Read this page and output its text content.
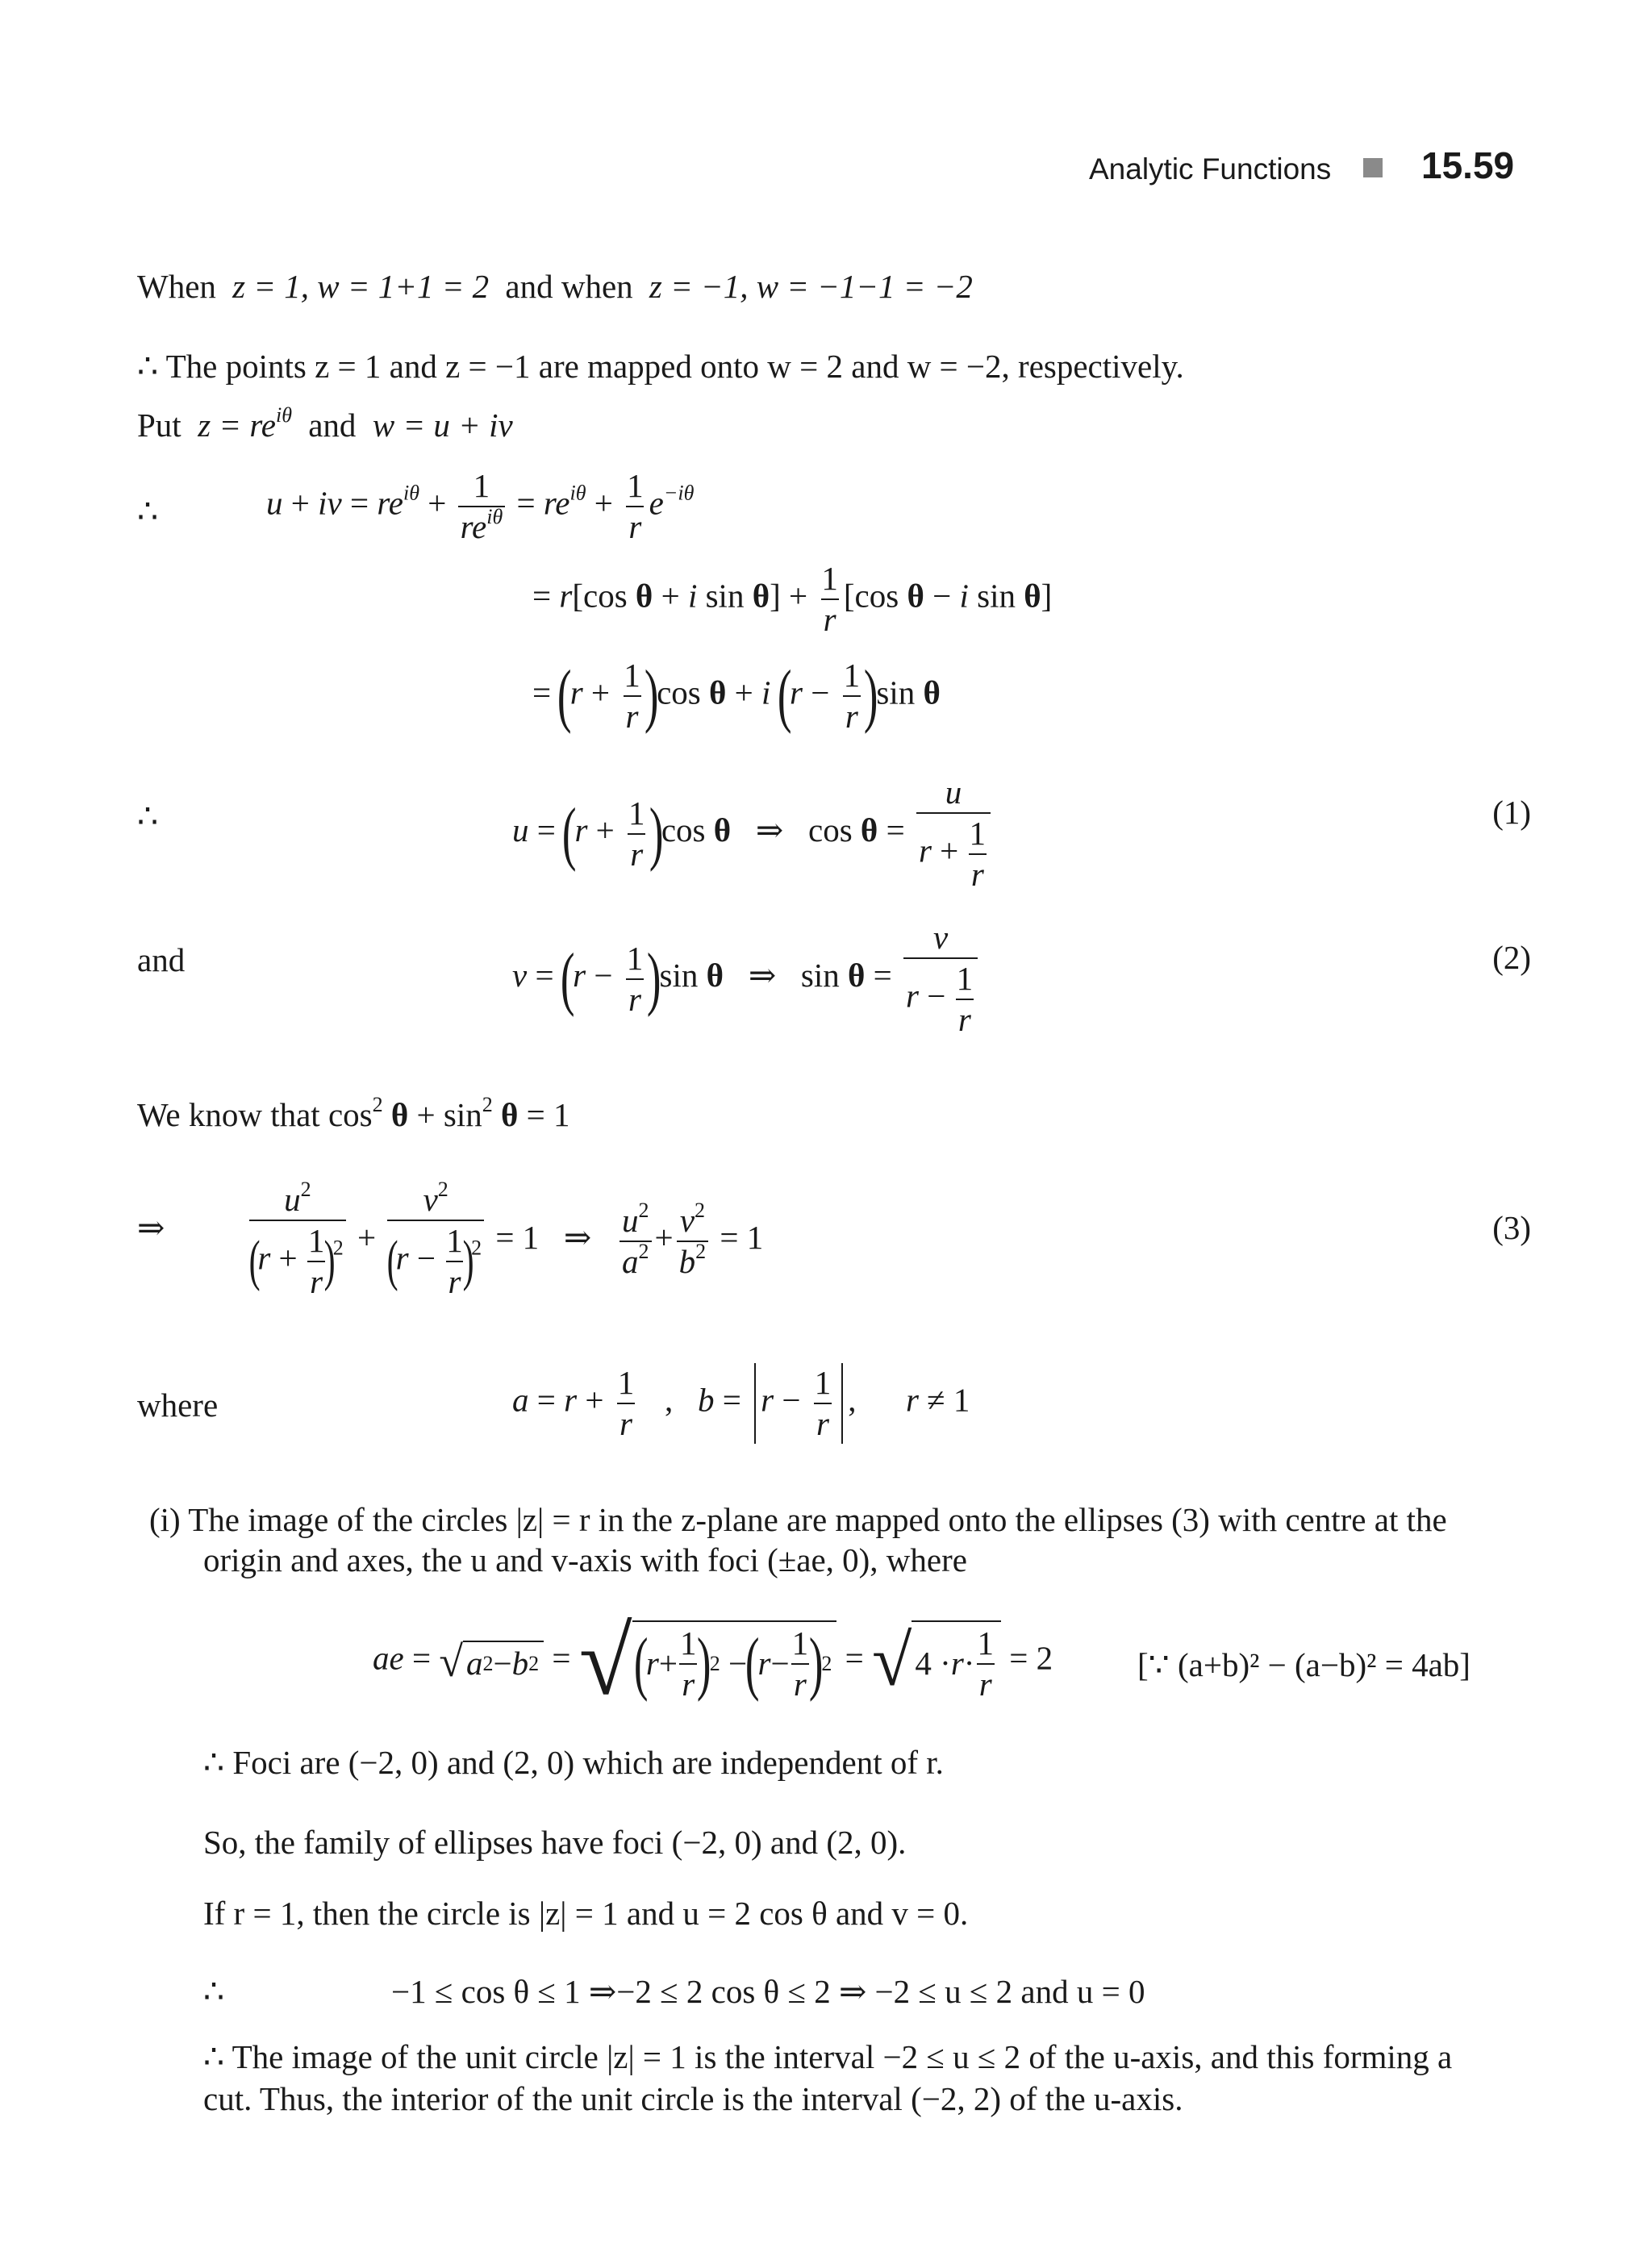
Analytic Functions 15.59
When z = 1, w = 1+1 = 2 and when z = −1, w = −1−1 = −2
∴ The points z = 1 and z = −1 are mapped onto w = 2 and w = −2, respectively.
Put  $z = re^{i\theta}$ and  w = u + iv
∴	u + iv = $re^{i\theta} + \frac{1}{re^{i\theta}} = re^{i\theta} + \frac{1}{r} e^{-i\theta}$
= r[cos θ + i $\sin \theta] + \frac{1}{r} [\cos$ θ − i sin θ]
= $(r + \frac{1}{r} )\cos$ θ + i $(r - \frac{1}{r} )\sin$ θ
∴	$u = (r + \frac{1}{r} )\cos$ θ   ⇒   $\cos \theta = \frac{u}{r + \frac{1}{r}}$	(1)
and	$v = (r - \frac{1}{r} )\sin$ θ   ⇒   $\sin \theta = \frac{v}{r - \frac{1}{r}}$	(2)
We know that $\cos^2 \theta + \sin^2 \theta = 1$
⇒	$u^2$
($r + \frac{1}{r}$
)$^2 + v^2$
($r - \frac{1}{r}$
)$^2$ = 1   ⇒ $\frac{u^2}{a^2} + \frac{v^2}{b^2} = 1$	(3)
where	$a = r + \frac{1}{r}$ ,   $b = r - \frac{1}{r}$ ,      r ≠ 1
(i) The image of the circles |z| = r in the z-plane are mapped onto the ellipses (3) with centre at the
origin and axes, the u and v-axis with foci (±ae, 0), where
ae = √ a 2 − b 2 = √ (
$r + \frac{1}{r}$
)
2 −
(
$r - \frac{1}{r}$
)
2 = √ $4 \cdot r \cdot \frac{1}{r} = 2$	[∵ (a+b)² − (a−b)² = 4ab]
∴ Foci are (−2, 0) and (2, 0) which are independent of r.
So, the family of ellipses have foci (−2, 0) and (2, 0).
If r = 1, then the circle is |z| = 1 and u = 2 cos θ and v = 0.
∴	−1 ≤ cos θ ≤ 1 ⇒−2 ≤ 2 cos θ ≤ 2 ⇒ −2 ≤ u ≤ 2 and u = 0
∴ The image of the unit circle |z| = 1 is the interval −2 ≤ u ≤ 2 of the u-axis, and this forming a
cut. Thus, the interior of the unit circle is the interval (−2, 2) of the u-axis.
